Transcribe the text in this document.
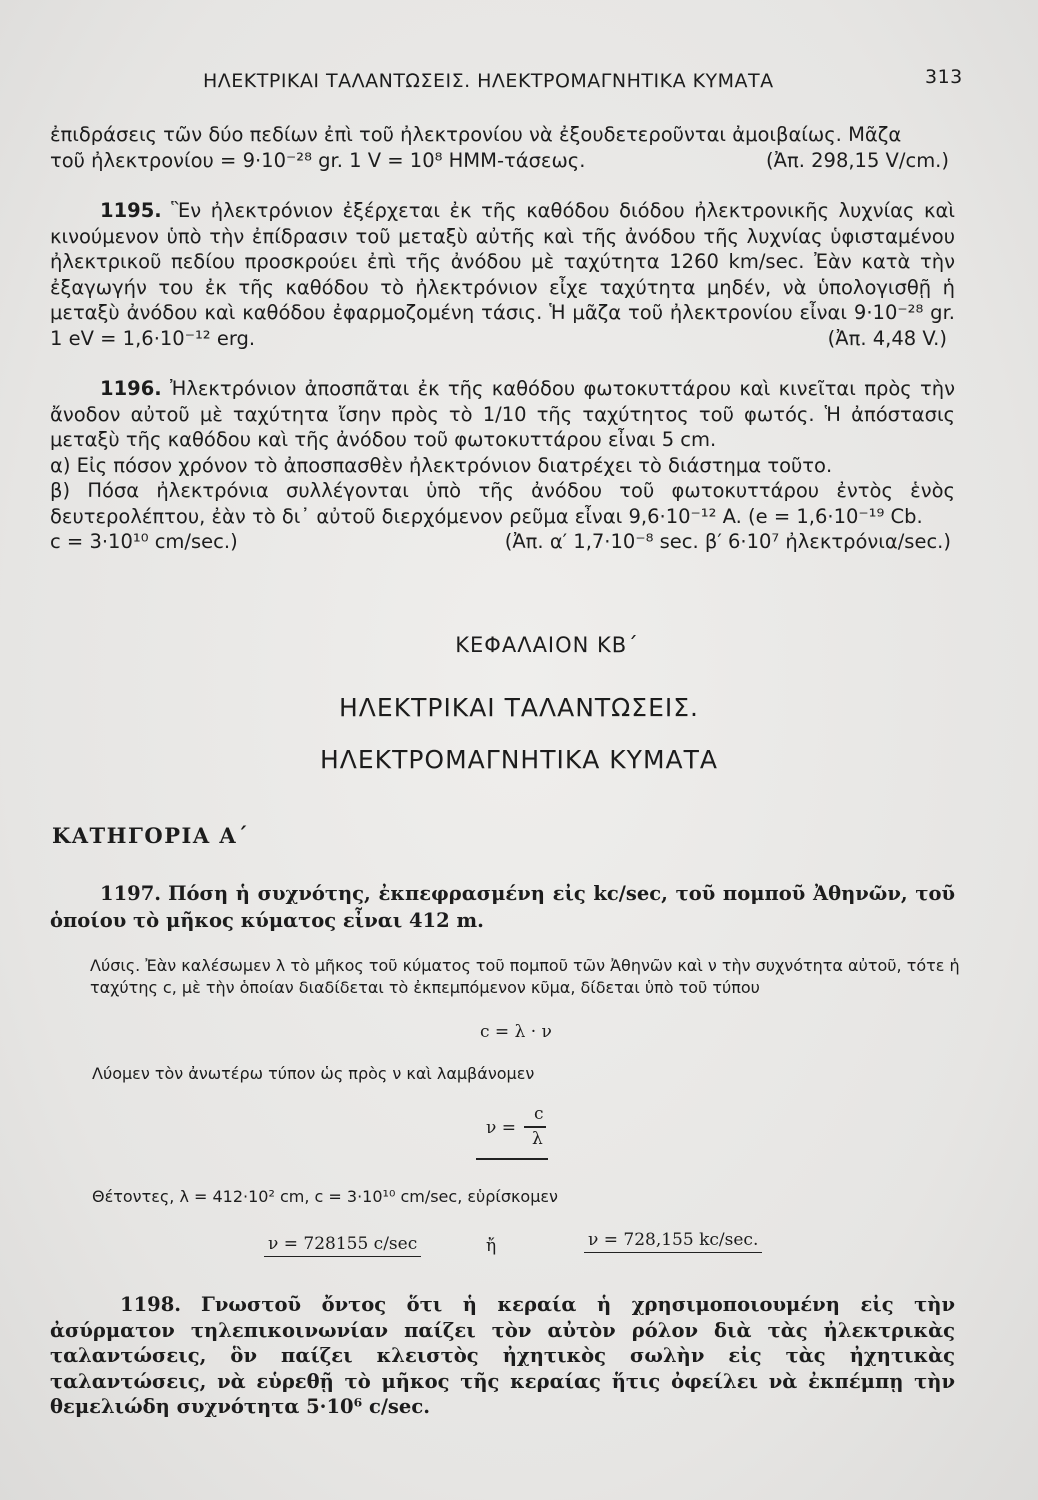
ΗΛΕΚΤΡΙΚΑΙ ΤΑΛΑΝΤΩΣΕΙΣ. ΗΛΕΚΤΡΟΜΑΓΝΗΤΙΚΑ ΚΥΜΑΤΑ	313
ἐπιδράσεις τῶν δύο πεδίων ἐπὶ τοῦ ἠλεκτρονίου νὰ ἐξουδετεροῦνται ἀμοιβαίως. Μᾶζα
τοῦ ἠλεκτρονίου = 9·10⁻²⁸ gr. 1 V = 10⁸ ΗΜΜ-τάσεως.	(Ἀπ. 298,15 V/cm.)
1195. Ἓν ἠλεκτρόνιον ἐξέρχεται ἐκ τῆς καθόδου διόδου ἠλεκτρονικῆς λυχνίας καὶ κινούμενον ὑπὸ τὴν ἐπίδρασιν τοῦ μεταξὺ αὐτῆς καὶ τῆς ἀνόδου τῆς λυχνίας ὑφισταμένου ἠλεκτρικοῦ πεδίου προσκρούει ἐπὶ τῆς ἀνόδου μὲ ταχύτητα 1260 km/sec. Ἐὰν κατὰ τὴν ἐξαγωγήν του ἐκ τῆς καθόδου τὸ ἠλεκτρόνιον εἶχε ταχύτητα μηδέν, νὰ ὑπολογισθῇ ἡ μεταξὺ ἀνόδου καὶ καθόδου ἐφαρμοζομένη τάσις. Ἡ μᾶζα τοῦ ἠλεκτρονίου εἶναι 9·10⁻²⁸ gr. 1 eV = 1,6·10⁻¹² erg.	(Ἀπ. 4,48 V.)
1196. Ἠλεκτρόνιον ἀποσπᾶται ἐκ τῆς καθόδου φωτοκυττάρου καὶ κινεῖται πρὸς τὴν ἄνοδον αὐτοῦ μὲ ταχύτητα ἴσην πρὸς τὸ 1/10 τῆς ταχύτητος τοῦ φωτός. Ἡ ἀπόστασις μεταξὺ τῆς καθόδου καὶ τῆς ἀνόδου τοῦ φωτοκυττάρου εἶναι 5 cm.
α) Εἰς πόσον χρόνον τὸ ἀποσπασθὲν ἠλεκτρόνιον διατρέχει τὸ διάστημα τοῦτο.
β) Πόσα ἠλεκτρόνια συλλέγονται ὑπὸ τῆς ἀνόδου τοῦ φωτοκυττάρου ἐντὸς ἑνὸς δευτερολέπτου, ἐὰν τὸ δι᾽ αὐτοῦ διερχόμενον ρεῦμα εἶναι 9,6·10⁻¹² A. (e = 1,6·10⁻¹⁹ Cb.
c = 3·10¹⁰ cm/sec.)	(Ἀπ. α′ 1,7·10⁻⁸ sec. β′ 6·10⁷ ἠλεκτρόνια/sec.)
ΚΕΦΑΛΑΙΟΝ ΚΒ΄
ΗΛΕΚΤΡΙΚΑΙ ΤΑΛΑΝΤΩΣΕΙΣ.
ΗΛΕΚΤΡΟΜΑΓΝΗΤΙΚΑ ΚΥΜΑΤΑ
ΚΑΤΗΓΟΡΙΑ Α΄
1197. Πόση ἡ συχνότης, ἐκπεφρασμένη εἰς kc/sec, τοῦ πομποῦ Ἀθηνῶν, τοῦ ὁποίου τὸ μῆκος κύματος εἶναι 412 m.
Λύσις. Ἐὰν καλέσωμεν λ τὸ μῆκος τοῦ κύματος τοῦ πομποῦ τῶν Ἀθηνῶν καὶ ν τὴν συχνότητα αὐτοῦ, τότε ἡ ταχύτης c, μὲ τὴν ὁποίαν διαδίδεται τὸ ἐκπεμπόμενον κῦμα, δίδεται ὑπὸ τοῦ τύπου
c = λ · ν
Λύομεν τὸν ἀνωτέρω τύπον ὡς πρὸς ν καὶ λαμβάνομεν
ν =
c
λ
Θέτοντες, λ = 412·10² cm, c = 3·10¹⁰ cm/sec, εὑρίσκομεν
ν = 728155 c/sec	ἤ	ν = 728,155 kc/sec.
1198. Γνωστοῦ ὄντος ὅτι ἡ κεραία ἡ χρησιμοποιουμένη εἰς τὴν ἀσύρματον τηλεπικοινωνίαν παίζει τὸν αὐτὸν ρόλον διὰ τὰς ἠλεκτρικὰς ταλαντώσεις, ὃν παίζει κλειστὸς ἠχητικὸς σωλὴν εἰς τὰς ἠχητικὰς ταλαντώσεις, νὰ εὑρεθῇ τὸ μῆκος τῆς κεραίας ἥτις ὀφείλει νὰ ἐκπέμπῃ τὴν θεμελιώδη συχνότητα 5·10⁶ c/sec.
